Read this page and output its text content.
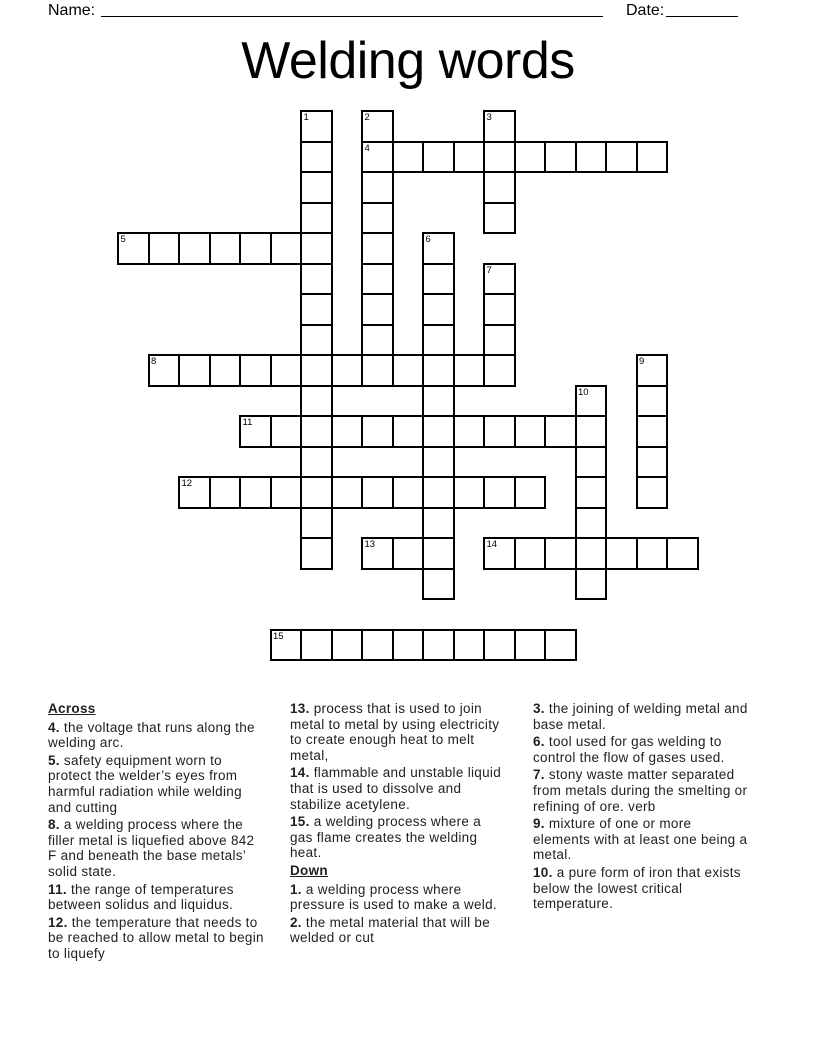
Name:	Date:
Welding words
1	2	3
4
5	6
7
8	9
10
11
12
13	14
15

Across

4. the voltage that runs along the welding arc.

5. safety equipment worn to protect the welder’s eyes from harmful radiation while welding and cutting

8. a welding process where the filler metal is liquefied above 842 F and beneath the base metals’ solid state.

11. the range of temperatures between solidus and liquidus.

12. the temperature that needs to be reached to allow metal to begin to liquefy

13. process that is used to join metal to metal by using electricity to create enough heat to melt metal,

14. flammable and unstable liquid that is used to dissolve and stabilize acetylene.

15. a welding process where a gas flame creates the welding heat.

Down

1. a welding process where pressure is used to make a weld.

2. the metal material that will be welded or cut

3. the joining of welding metal and base metal.

6. tool used for gas welding to control the flow of gases used.

7. stony waste matter separated from metals during the smelting or refining of ore. verb

9. mixture of one or more elements with at least one being a metal.

10. a pure form of iron that exists below the lowest critical temperature.
